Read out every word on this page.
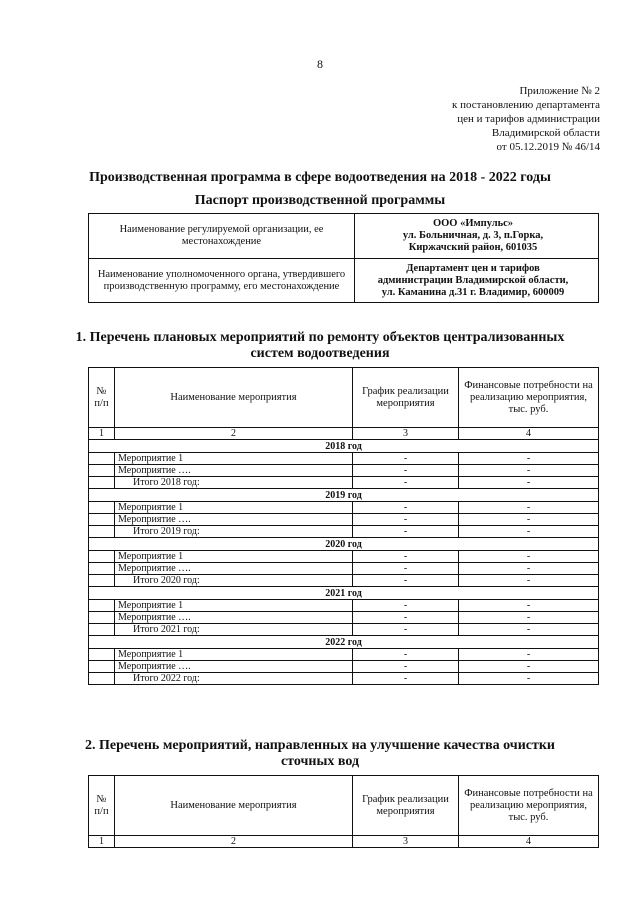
8
Приложение № 2
к постановлению департамента
цен и тарифов администрации
Владимирской области
от 05.12.2019 № 46/14
Производственная программа в сфере водоотведения на 2018 - 2022 годы
Паспорт производственной программы
Наименование регулируемой организации, ее местонахождение	ООО «Импульс»
ул. Больничная, д. 3, п.Горка,
Киржачский район, 601035

Наименование уполномоченного органа, утвердившего производственную программу, его местонахождение	Департамент цен и тарифов
администрации Владимирской области,
ул. Каманина д.31 г. Владимир, 600009
1. Перечень плановых мероприятий по ремонту объектов централизованных
систем водоотведения
№ п/п	Наименование мероприятия	График реализации мероприятия	Финансовые потребности на реализацию мероприятия, тыс. руб.
1	2	3	4
2018 год			
	Мероприятие 1	-	-
	Мероприятие ….	-	-
	Итого 2018 год:	-	-
2019 год			
	Мероприятие 1	-	-
	Мероприятие ….	-	-
	Итого 2019 год:	-	-
2020 год			
	Мероприятие 1	-	-
	Мероприятие ….	-	-
	Итого 2020 год:	-	-
2021 год			
	Мероприятие 1	-	-
	Мероприятие ….	-	-
	Итого 2021 год:	-	-
2022 год			
	Мероприятие 1	-	-
	Мероприятие ….	-	-
	Итого 2022 год:	-	-
2. Перечень мероприятий, направленных на улучшение качества очистки
сточных вод
№ п/п	Наименование мероприятия	График реализации мероприятия	Финансовые потребности на реализацию мероприятия, тыс. руб.
1	2	3	4
